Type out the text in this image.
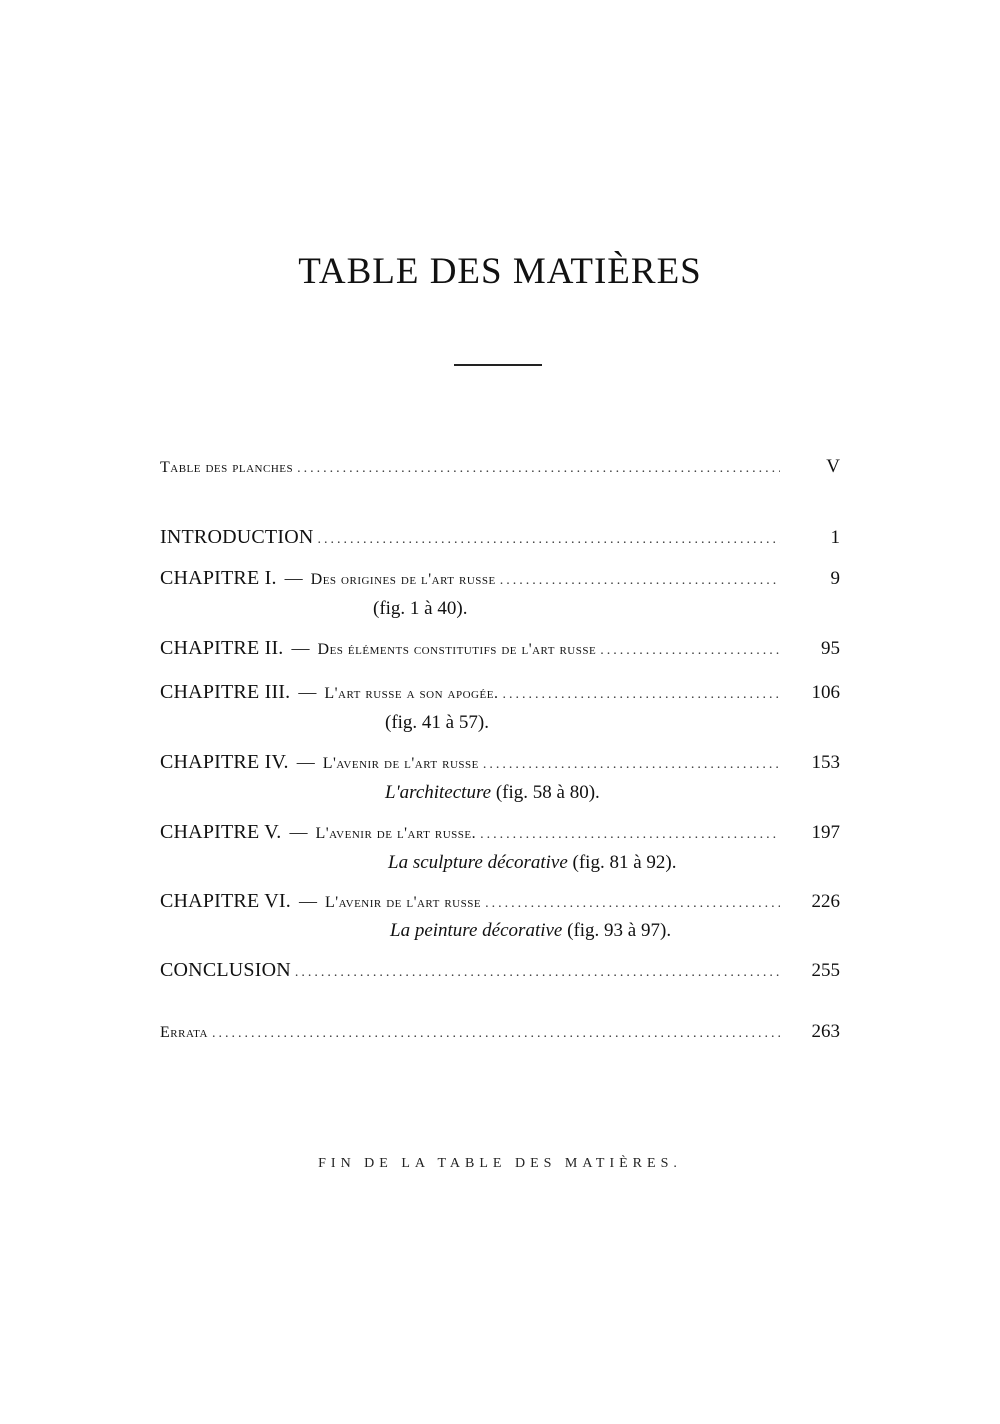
TABLE DES MATIÈRES
Table des planches .....	V
INTRODUCTION .....	1
CHAPITRE I. — Des origines de l'art russe .....	9
(fig. 1 à 40).
CHAPITRE II. — Des éléments constitutifs de l'art russe .....	95
CHAPITRE III. — L'art russe a son apogée. .....	106
(fig. 41 à 57).
CHAPITRE IV. — L'avenir de l'art russe .....	153
L'architecture (fig. 58 à 80).
CHAPITRE V. — L'avenir de l'art russe. .....	197
La sculpture décorative (fig. 81 à 92).
CHAPITRE VI. — L'avenir de l'art russe .....	226
La peinture décorative (fig. 93 à 97).
CONCLUSION .....	255
Errata .....	263
FIN DE LA TABLE DES MATIÈRES.
